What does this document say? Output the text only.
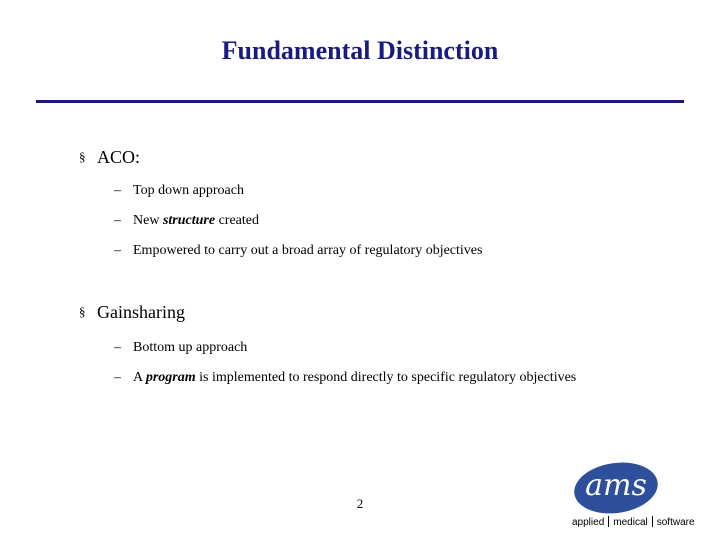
Fundamental Distinction
§ ACO:
– Top down approach
– New structure created
– Empowered to carry out a broad array of regulatory objectives
§ Gainsharing
– Bottom up approach
– A program is implemented to respond directly to specific regulatory objectives
2
ams
applied medical software
